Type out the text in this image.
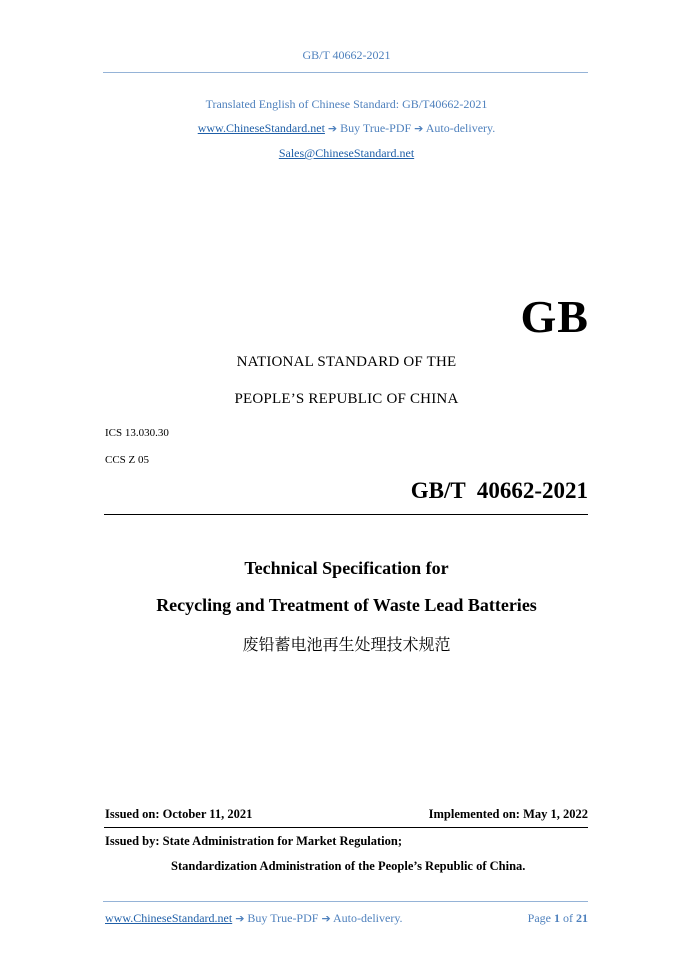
GB/T 40662-2021
Translated English of Chinese Standard: GB/T40662-2021
www.ChineseStandard.net ➔ Buy True-PDF ➔ Auto-delivery.
Sales@ChineseStandard.net
GB
NATIONAL STANDARD OF THE
PEOPLE’S REPUBLIC OF CHINA
ICS 13.030.30
CCS Z 05
GB/T  40662-2021
Technical Specification for
Recycling and Treatment of Waste Lead Batteries
废铅蓄电池再生处理技术规范
Issued on: October 11, 2021	Implemented on: May 1, 2022
Issued by: State Administration for Market Regulation;
Standardization Administration of the People’s Republic of China.
www.ChineseStandard.net ➔ Buy True-PDF ➔ Auto-delivery.	Page 1 of 21
